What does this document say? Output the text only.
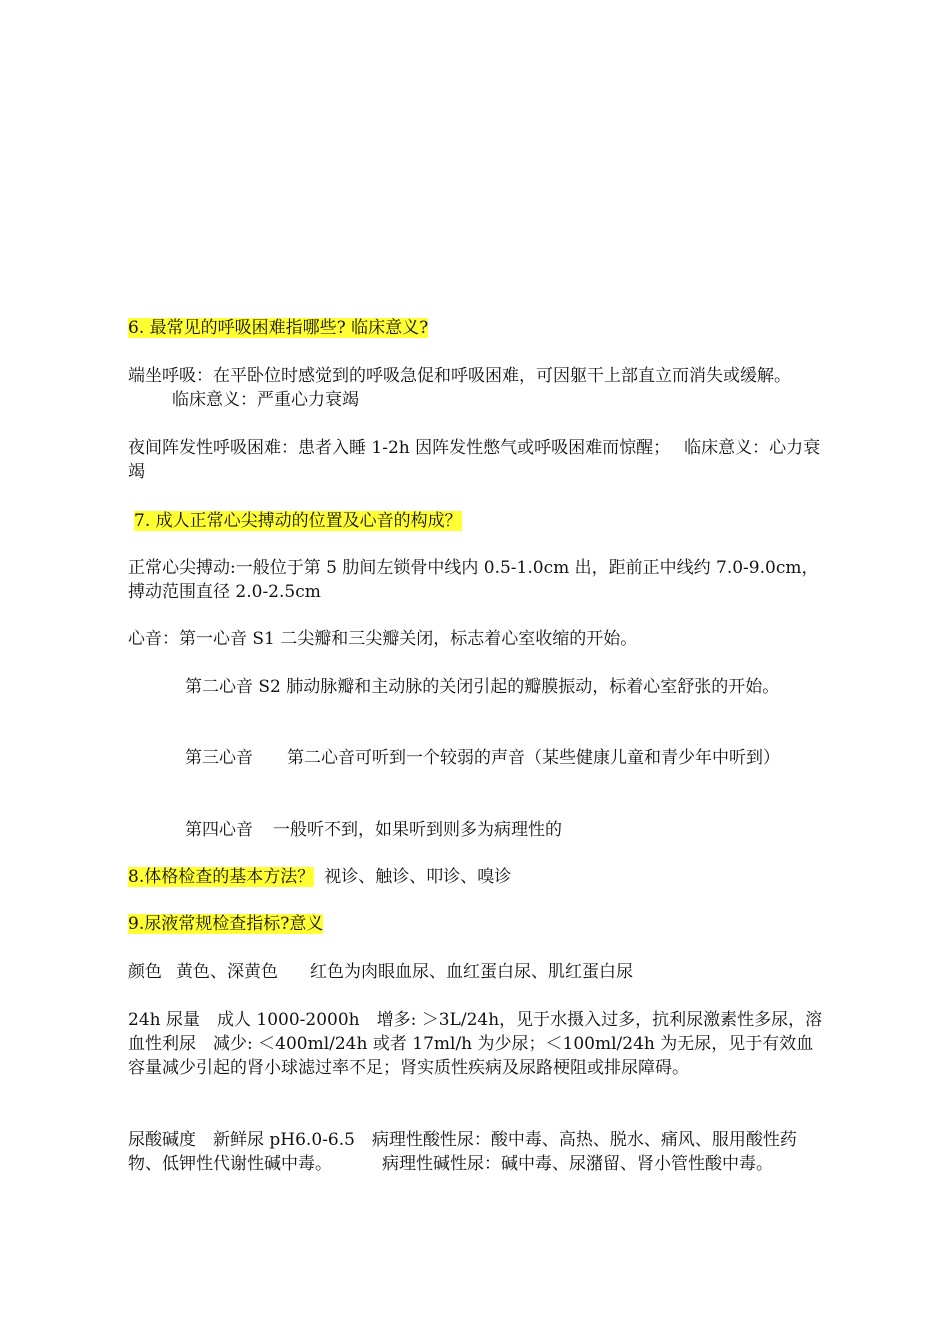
6. 最常见的呼吸困难指哪些? 临床意义?

端坐呼吸：在平卧位时感觉到的呼吸急促和呼吸困难，可因躯干上部直立而消失或缓解。临床意义：严重心力衰竭

夜间阵发性呼吸困难：患者入睡 1-2h 因阵发性憋气或呼吸困难而惊醒； 临床意义：心力衰竭

7. 成人正常心尖搏动的位置及心音的构成？

正常心尖搏动:一般位于第 5 肋间左锁骨中线内 0.5-1.0cm 出，距前正中线约 7.0-9.0cm，搏动范围直径 2.0-2.5cm

心音：第一心音 S1 二尖瓣和三尖瓣关闭，标志着心室收缩的开始。

第二心音 S2 肺动脉瓣和主动脉的关闭引起的瓣膜振动，标着心室舒张的开始。

第三心音 第二心音可听到一个较弱的声音（某些健康儿童和青少年中听到）

第四心音 一般听不到，如果听到则多为病理性的

8.体格检查的基本方法？ 视诊、触诊、叩诊、嗅诊

9.尿液常规检查指标?意义

颜色 黄色、深黄色 红色为肉眼血尿、血红蛋白尿、肌红蛋白尿

24h 尿量　成人 1000-2000h　增多: ＞3L/24h，见于水摄入过多，抗利尿激素性多尿，溶血性利尿　减少: ＜400ml/24h 或者 17ml/h 为少尿；＜100ml/24h 为无尿，见于有效血容量减少引起的肾小球滤过率不足；肾实质性疾病及尿路梗阻或排尿障碍。

尿酸碱度　新鲜尿 pH6.0-6.5　病理性酸性尿：酸中毒、高热、脱水、痛风、服用酸性药物、低钾性代谢性碱中毒。	病理性碱性尿：碱中毒、尿潴留、肾小管性酸中毒。
